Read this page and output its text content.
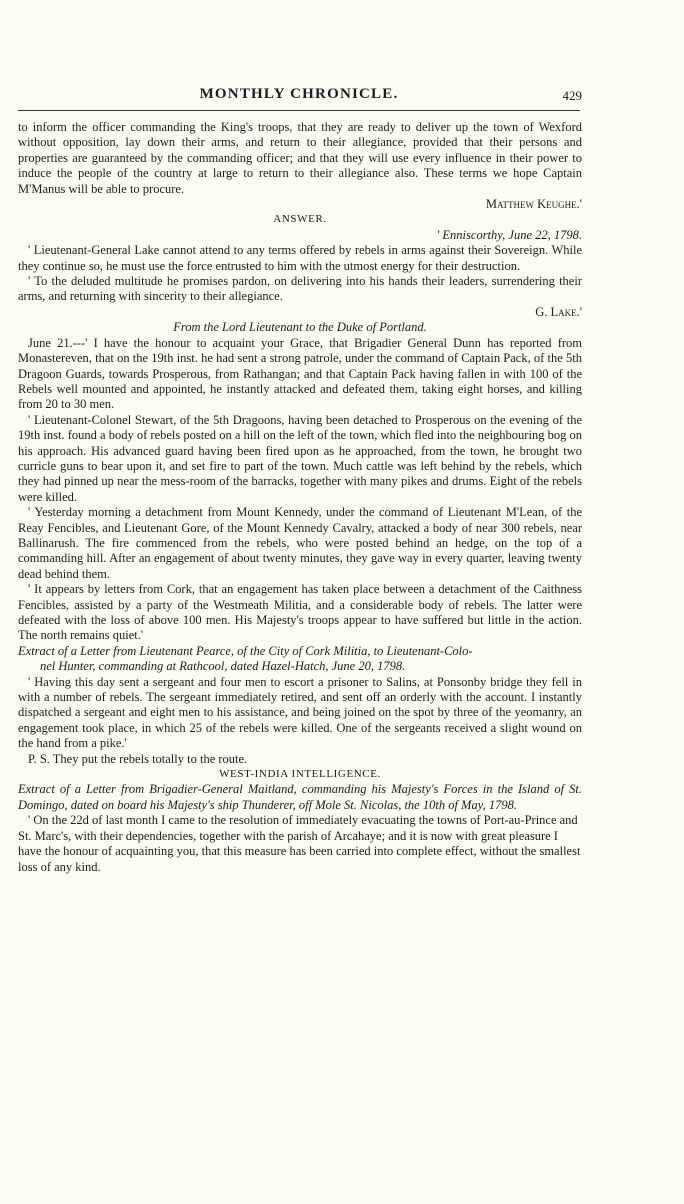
MONTHLY CHRONICLE.	429

to inform the officer commanding the King's troops, that they are ready to deliver up the town of Wexford without opposition, lay down their arms, and return to their allegiance, provided that their persons and properties are guaranteed by the commanding officer; and that they will use every influence in their power to induce the people of the country at large to return to their allegiance also. These terms we hope Captain M'Manus will be able to procure.

Matthew Keughe.'

ANSWER.

' Enniscorthy, June 22, 1798.

' Lieutenant-General Lake cannot attend to any terms offered by rebels in arms against their Sovereign. While they continue so, he must use the force entrusted to him with the utmost energy for their destruction.

' To the deluded multitude he promises pardon, on delivering into his hands their leaders, surrendering their arms, and returning with sincerity to their allegiance.

G. Lake.'

From the Lord Lieutenant to the Duke of Portland.

June 21.---' I have the honour to acquaint your Grace, that Brigadier General Dunn has reported from Monastereven, that on the 19th inst. he had sent a strong patrole, under the command of Captain Pack, of the 5th Dragoon Guards, towards Prosperous, from Rathangan; and that Captain Pack having fallen in with 100 of the Rebels well mounted and appointed, he instantly attacked and defeated them, taking eight horses, and killing from 20 to 30 men.

' Lieutenant-Colonel Stewart, of the 5th Dragoons, having been detached to Prosperous on the evening of the 19th inst. found a body of rebels posted on a hill on the left of the town, which fled into the neighbouring bog on his approach. His advanced guard having been fired upon as he approached, from the town, he brought two curricle guns to bear upon it, and set fire to part of the town. Much cattle was left behind by the rebels, which they had pinned up near the mess-room of the barracks, together with many pikes and drums. Eight of the rebels were killed.

' Yesterday morning a detachment from Mount Kennedy, under the command of Lieutenant M'Lean, of the Reay Fencibles, and Lieutenant Gore, of the Mount Kennedy Cavalry, attacked a body of near 300 rebels, near Ballinarush. The fire commenced from the rebels, who were posted behind an hedge, on the top of a commanding hill. After an engagement of about twenty minutes, they gave way in every quarter, leaving twenty dead behind them.

' It appears by letters from Cork, that an engagement has taken place between a detachment of the Caithness Fencibles, assisted by a party of the Westmeath Militia, and a considerable body of rebels. The latter were defeated with the loss of above 100 men. His Majesty's troops appear to have suffered but little in the action. The north remains quiet.'

Extract of a Letter from Lieutenant Pearce, of the City of Cork Militia, to Lieutenant-Colo-

nel Hunter, commanding at Rathcool, dated Hazel-Hatch, June 20, 1798.

' Having this day sent a sergeant and four men to escort a prisoner to Salins, at Ponsonby bridge they fell in with a number of rebels. The sergeant immediately retired, and sent off an orderly with the account. I instantly dispatched a sergeant and eight men to his assistance, and being joined on the spot by three of the yeomanry, an engagement took place, in which 25 of the rebels were killed. One of the sergeants received a slight wound on the hand from a pike.'

P. S. They put the rebels totally to the route.

WEST-INDIA INTELLIGENCE.

Extract of a Letter from Brigadier-General Maitland, commanding his Majesty's Forces in the Island of St. Domingo, dated on board his Majesty's ship Thunderer, off Mole St. Nicolas, the 10th of May, 1798.

' On the 22d of last month I came to the resolution of immediately evacuating the towns of Port-au-Prince and St. Marc's, with their dependencies, together with the parish of Arcahaye; and it is now with great pleasure I have the honour of acquainting you, that this measure has been carried into complete effect, without the smallest loss of any kind.
